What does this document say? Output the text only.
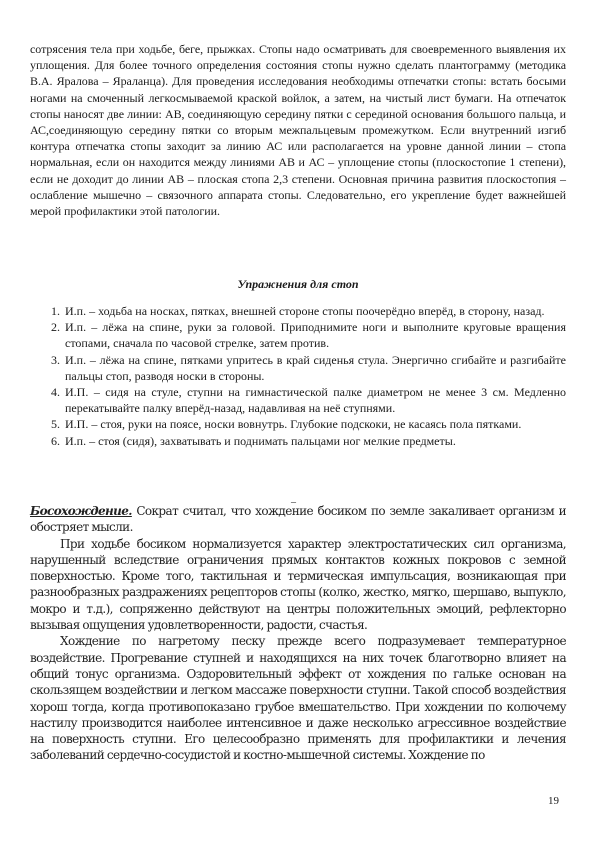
сотрясения тела при ходьбе, беге, прыжках. Стопы надо осматривать для своевременного выявления их уплощения. Для более точного определения состояния стопы нужно сделать плантограмму (методика В.А. Яралова – Яраланца). Для проведения исследования необходимы отпечатки стопы: встать босыми ногами на смоченный легкосмываемой краской войлок, а затем, на чистый лист бумаги. На отпечаток стопы наносят две линии: АВ, соединяющую середину пятки с серединой основания большого пальца, и АС,соединяющую середину пятки со вторым межпальцевым промежутком. Если внутренний изгиб контура отпечатка стопы заходит за линию АС или располагается на уровне данной линии – стопа нормальная, если он находится между линиями АВ и АС – уплощение стопы (плоскостопие 1 степени), если не доходит до линии АВ – плоская стопа 2,3 степени. Основная причина развития плоскостопия – ослабление мышечно – связочного аппарата стопы. Следовательно, его укрепление будет важнейшей мерой профилактики этой патологии.

Упражнения для стоп

1. И.п. – ходьба на носках, пятках, внешней стороне стопы поочерёдно вперёд, в сторону, назад.
2. И.п. – лёжа на спине, руки за головой. Приподнимите ноги и выполните круговые вращения стопами, сначала по часовой стрелке, затем против.
3. И.п. – лёжа на спине, пятками упритесь в край сиденья стула. Энергично сгибайте и разгибайте пальцы стоп, разводя носки в стороны.
4. И.П. – сидя на стуле, ступни на гимнастической палке диаметром не менее 3 см. Медленно перекатывайте палку вперёд-назад, надавливая на неё ступнями.
5. И.П. – стоя, руки на поясе, носки вовнутрь. Глубокие подскоки, не касаясь пола пятками.
6. И.п. – стоя (сидя), захватывать и поднимать пальцами ног мелкие предметы.
_

Босохождение. Сократ считал, что хождение босиком по земле закаливает организм и обостряет мысли.

При ходьбе босиком нормализуется характер электростатических сил организма, нарушенный вследствие ограничения прямых контактов кожных покровов с земной поверхностью. Кроме того, тактильная и термическая импульсация, возникающая при разнообразных раздражениях рецепторов стопы (колко, жестко, мягко, шершаво, выпукло, мокро и т.д.), сопряженно действуют на центры положительных эмоций, рефлекторно вызывая ощущения удовлетворенности, радости, счастья.

Хождение по нагретому песку прежде всего подразумевает температурное воздействие. Прогревание ступней и находящихся на них точек благотворно влияет на общий тонус организма. Оздоровительный эффект от хождения по гальке основан на скользящем воздействии и легком массаже поверхности ступни. Такой способ воздействия хорош тогда, когда противопоказано грубое вмешательство. При хождении по колючему настилу производится наиболее интенсивное и даже несколько агрессивное воздействие на поверхность ступни. Его целесообразно применять для профилактики и лечения заболеваний сердечно-сосудистой и костно-мышечной системы. Хождение по

19
